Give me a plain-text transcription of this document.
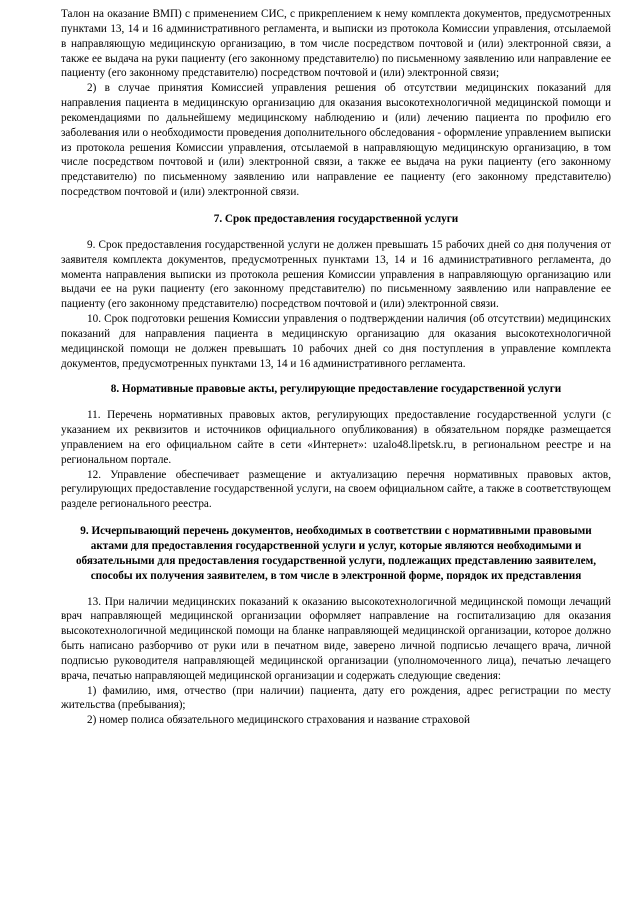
Талон на оказание ВМП) с применением СИС, с прикреплением к нему комплекта документов, предусмотренных пунктами 13, 14 и 16 административного регламента, и выписки из протокола Комиссии управления, отсылаемой в направляющую медицинскую организацию, в том числе посредством почтовой и (или) электронной связи, а также ее выдача на руки пациенту (его законному представителю) по письменному заявлению или направление ее пациенту (его законному представителю) посредством почтовой и (или) электронной связи;

2) в случае принятия Комиссией управления решения об отсутствии медицинских показаний для направления пациента в медицинскую организацию для оказания высокотехнологичной медицинской помощи и рекомендациями по дальнейшему медицинскому наблюдению и (или) лечению пациента по профилю его заболевания или о необходимости проведения дополнительного обследования - оформление управлением выписки из протокола решения Комиссии управления, отсылаемой в направляющую медицинскую организацию, в том числе посредством почтовой и (или) электронной связи, а также ее выдача на руки пациенту (его законному представителю) по письменному заявлению или направление ее пациенту (его законному представителю) посредством почтовой и (или) электронной связи.

7. Срок предоставления государственной услуги

9. Срок предоставления государственной услуги не должен превышать 15 рабочих дней со дня получения от заявителя комплекта документов, предусмотренных пунктами 13, 14 и 16 административного регламента, до момента направления выписки из протокола решения Комиссии управления в направляющую организацию или выдачи ее на руки пациенту (его законному представителю) по письменному заявлению или направление ее пациенту (его законному представителю) посредством почтовой и (или) электронной связи.

10. Срок подготовки решения Комиссии управления о подтверждении наличия (об отсутствии) медицинских показаний для направления пациента в медицинскую организацию для оказания высокотехнологичной медицинской помощи не должен превышать 10 рабочих дней со дня поступления в управление комплекта документов, предусмотренных пунктами 13, 14 и 16 административного регламента.

8. Нормативные правовые акты, регулирующие предоставление государственной услуги

11. Перечень нормативных правовых актов, регулирующих предоставление государственной услуги (с указанием их реквизитов и источников официального опубликования) в обязательном порядке размещается управлением на его официальном сайте в сети «Интернет»: uzalo48.lipetsk.ru, в региональном реестре и на региональном портале.

12. Управление обеспечивает размещение и актуализацию перечня нормативных правовых актов, регулирующих предоставление государственной услуги, на своем официальном сайте, а также в соответствующем разделе регионального реестра.

9. Исчерпывающий перечень документов, необходимых в соответствии с нормативными правовыми актами для предоставления государственной услуги и услуг, которые являются необходимыми и обязательными для предоставления государственной услуги, подлежащих представлению заявителем, способы их получения заявителем, в том числе в электронной форме, порядок их представления

13. При наличии медицинских показаний к оказанию высокотехнологичной медицинской помощи лечащий врач направляющей медицинской организации оформляет направление на госпитализацию для оказания высокотехнологичной медицинской помощи на бланке направляющей медицинской организации, которое должно быть написано разборчиво от руки или в печатном виде, заверено личной подписью лечащего врача, личной подписью руководителя направляющей медицинской организации (уполномоченного лица), печатью лечащего врача, печатью направляющей медицинской организации и содержать следующие сведения:

1) фамилию, имя, отчество (при наличии) пациента, дату его рождения, адрес регистрации по месту жительства (пребывания);

2) номер полиса обязательного медицинского страхования и название страховой
